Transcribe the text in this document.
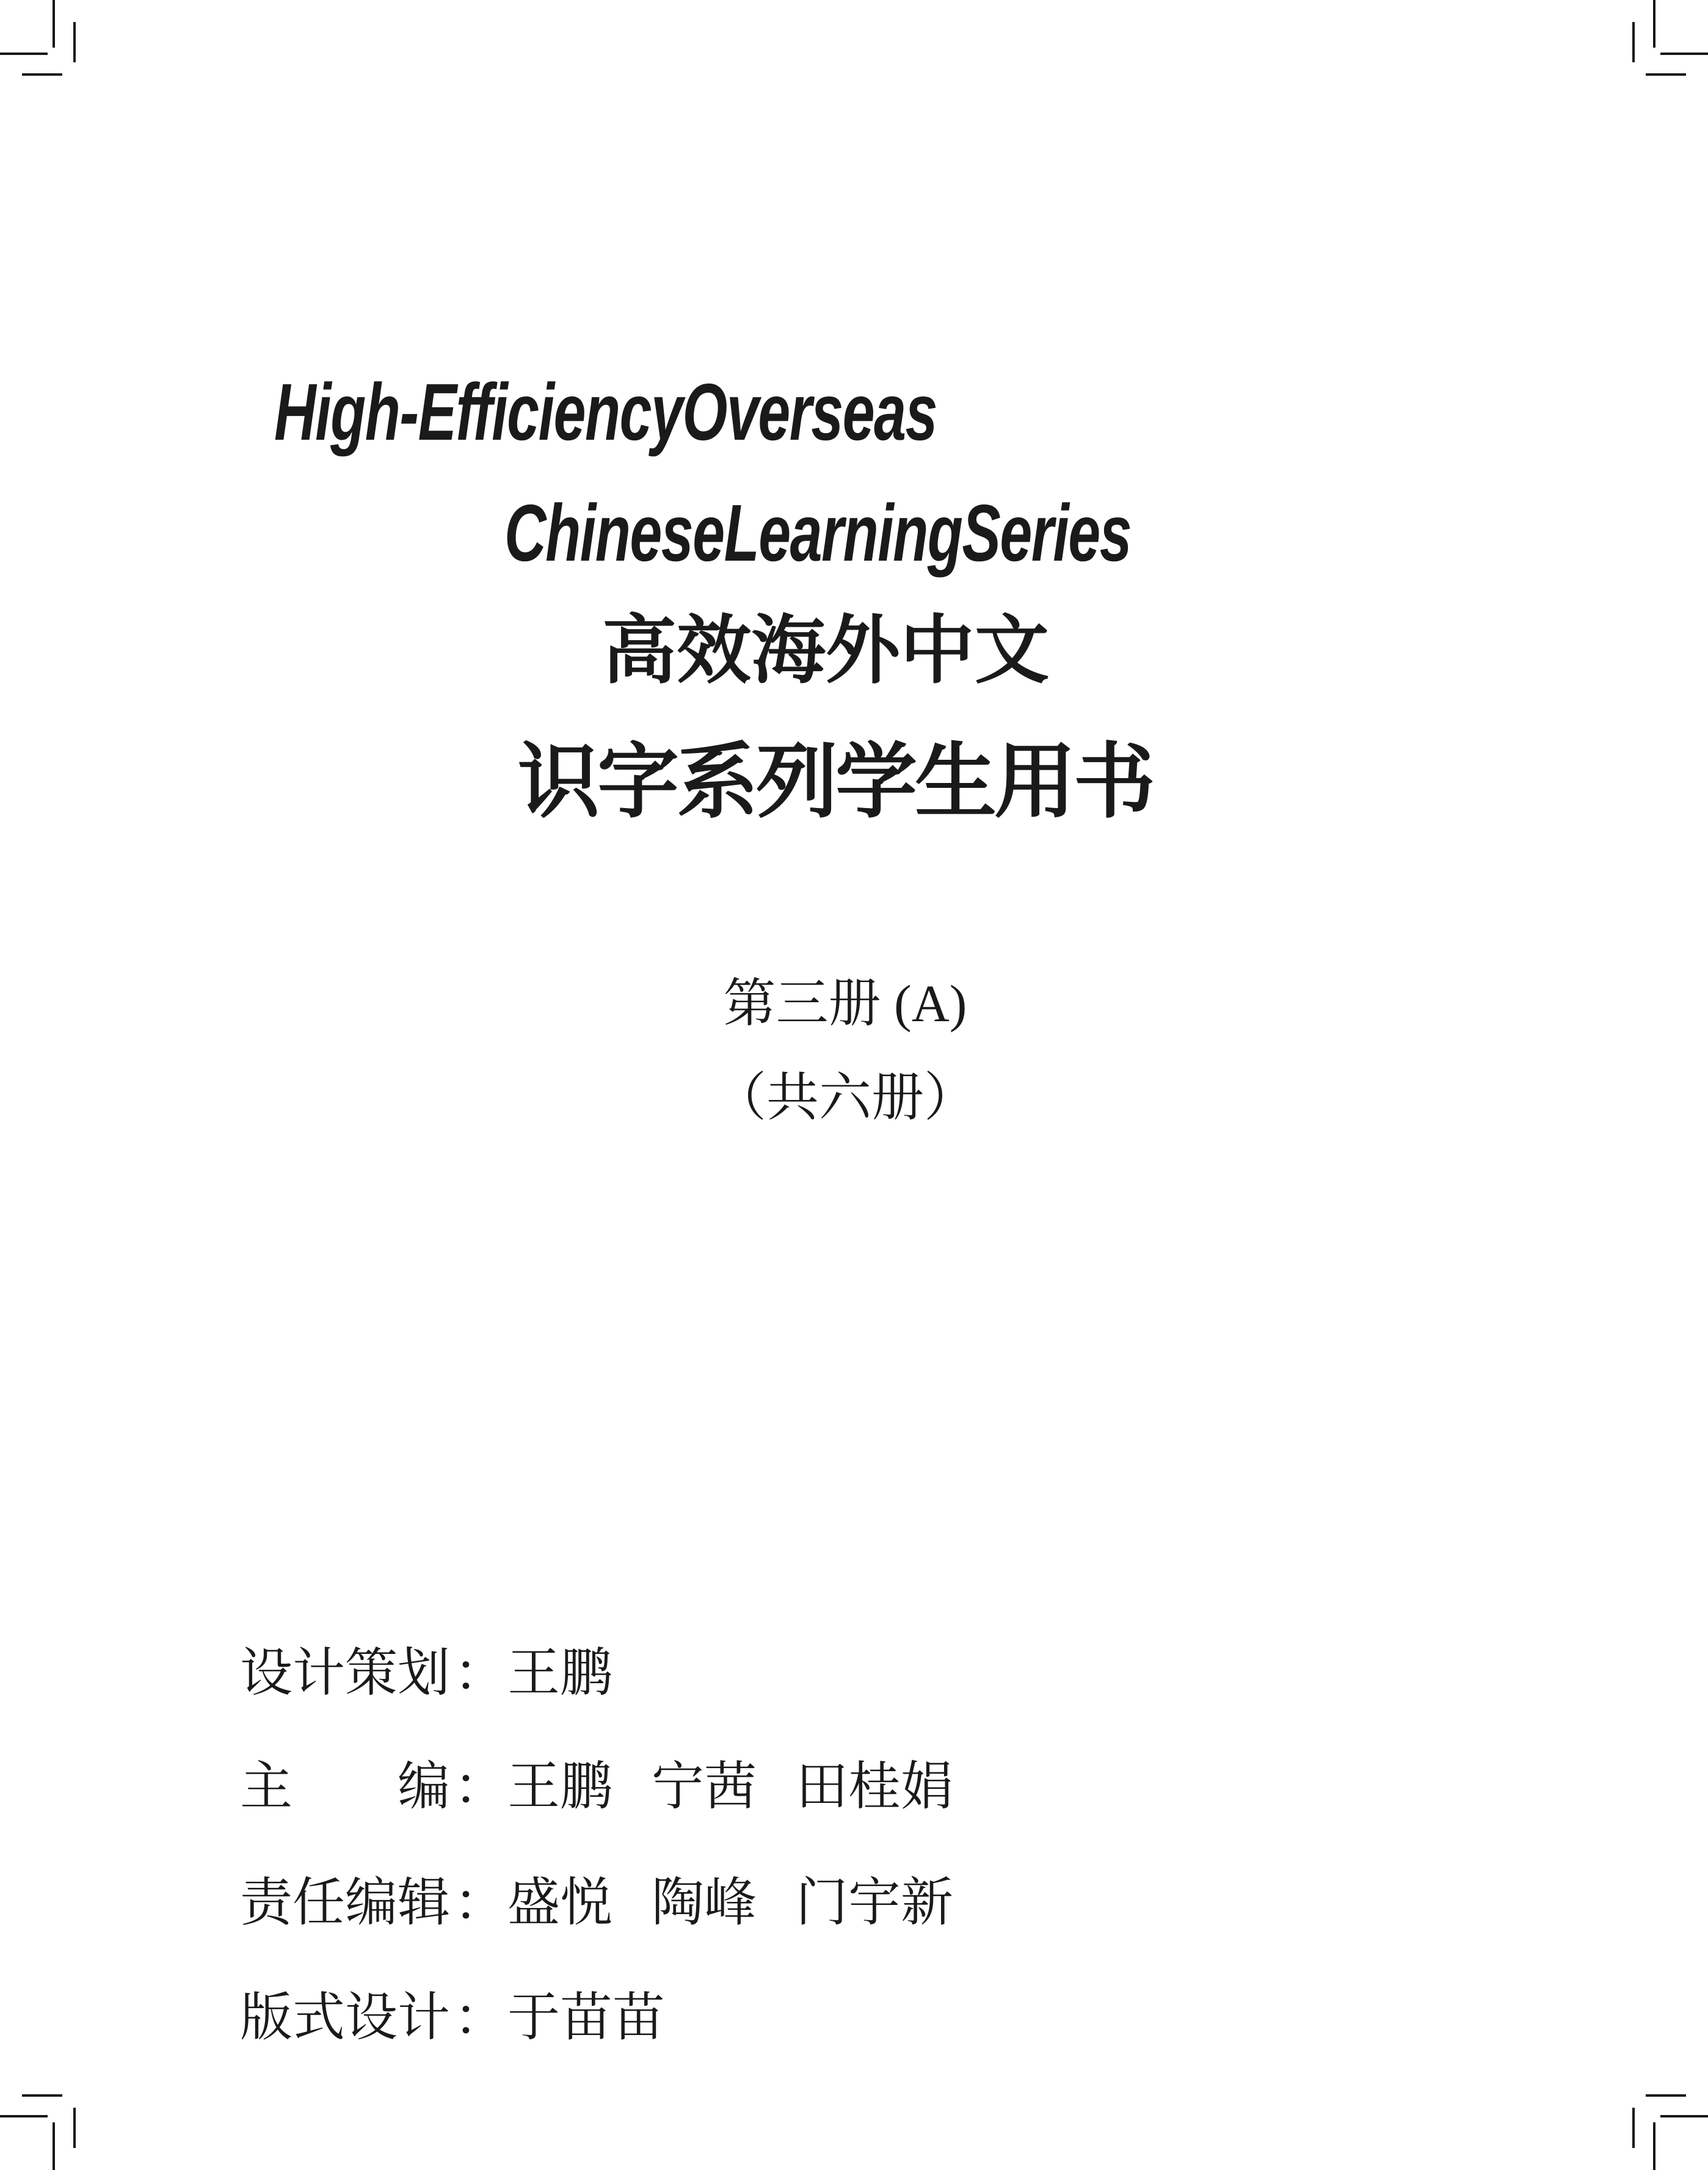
High-EfficiencyOverseas
ChineseLearningSeries
高效海外中文
识字系列学生用书
第三册 (A)
（共六册）
设计策划：王鹏
主编：王鹏 宁茜 田桂娟
责任编辑：盛悦 陶峰 门宇新
版式设计：于苗苗
